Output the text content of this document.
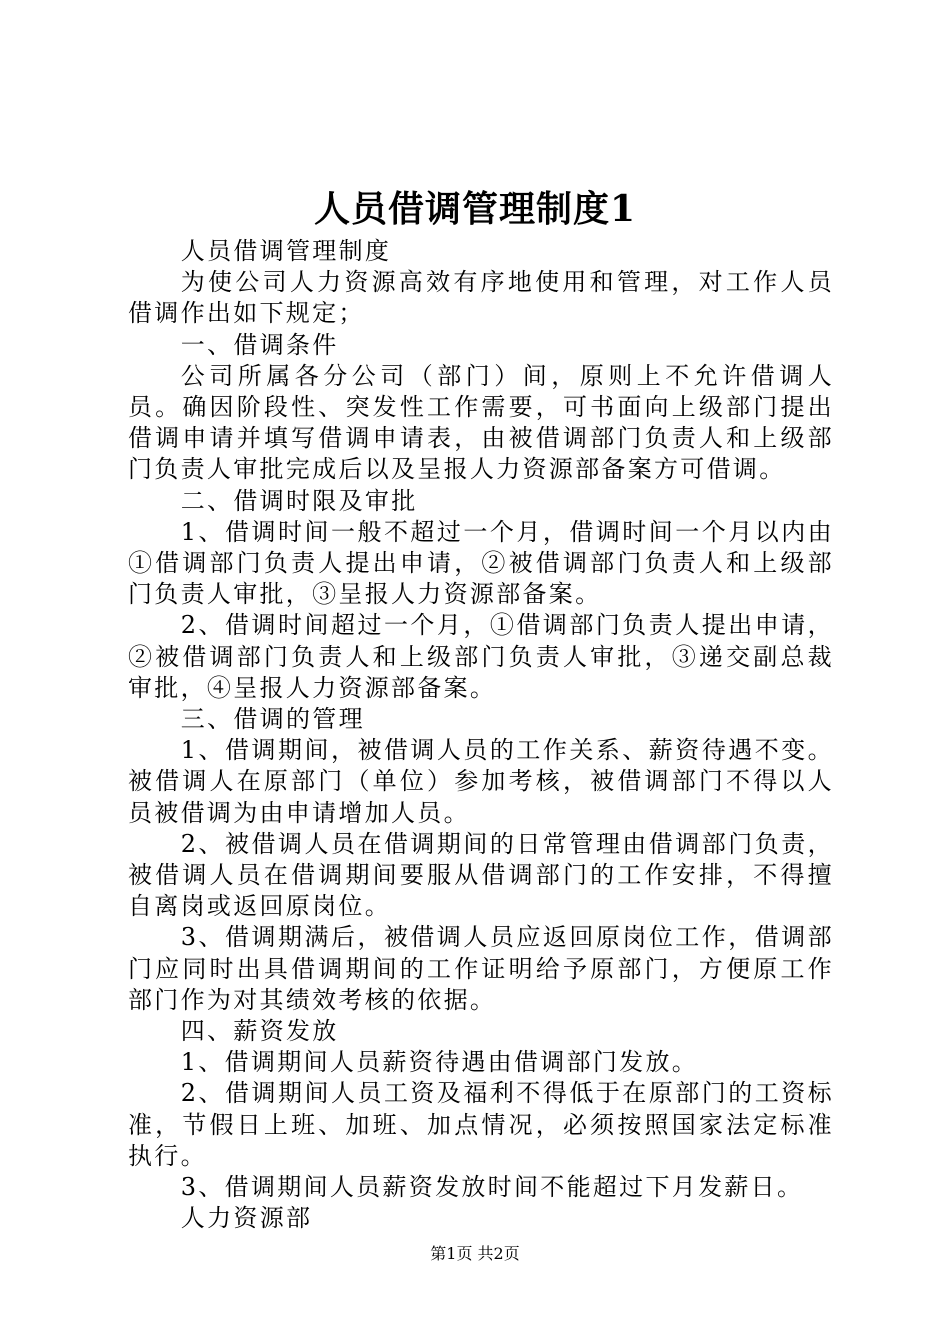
人员借调管理制度1

人员借调管理制度

为使公司人力资源高效有序地使用和管理，对工作人员借调作出如下规定；

一、借调条件

公司所属各分公司（部门）间，原则上不允许借调人员。确因阶段性、突发性工作需要，可书面向上级部门提出借调申请并填写借调申请表，由被借调部门负责人和上级部门负责人审批完成后以及呈报人力资源部备案方可借调。

二、借调时限及审批

1、借调时间一般不超过一个月，借调时间一个月以内由①借调部门负责人提出申请，②被借调部门负责人和上级部门负责人审批，③呈报人力资源部备案。

2、借调时间超过一个月，①借调部门负责人提出申请，②被借调部门负责人和上级部门负责人审批，③递交副总裁审批，④呈报人力资源部备案。

三、借调的管理

1、借调期间，被借调人员的工作关系、薪资待遇不变。被借调人在原部门（单位）参加考核，被借调部门不得以人员被借调为由申请增加人员。

2、被借调人员在借调期间的日常管理由借调部门负责，被借调人员在借调期间要服从借调部门的工作安排，不得擅自离岗或返回原岗位。

3、借调期满后，被借调人员应返回原岗位工作，借调部门应同时出具借调期间的工作证明给予原部门，方便原工作部门作为对其绩效考核的依据。

四、薪资发放

1、借调期间人员薪资待遇由借调部门发放。

2、借调期间人员工资及福利不得低于在原部门的工资标准，节假日上班、加班、加点情况，必须按照国家法定标准执行。

3、借调期间人员薪资发放时间不能超过下月发薪日。

人力资源部

第1页 共2页
